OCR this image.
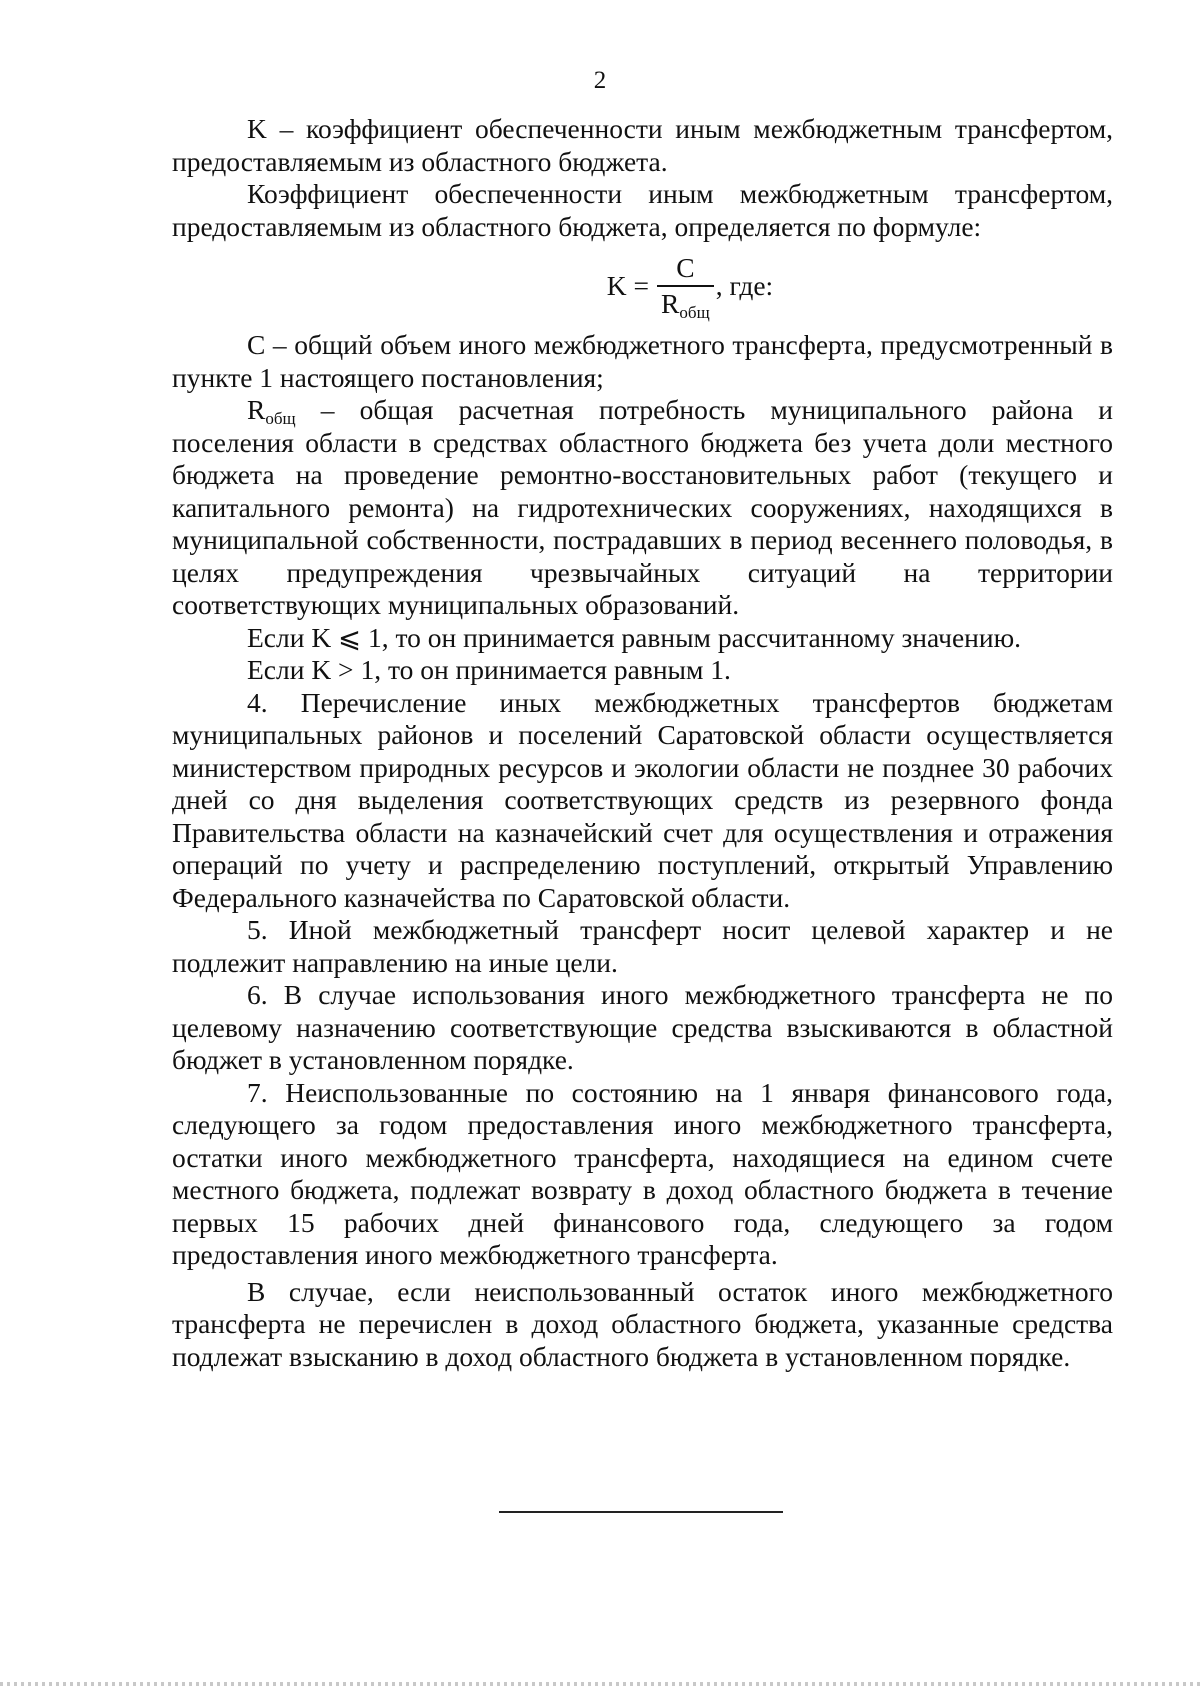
2

K – коэффициент обеспеченности иным межбюджетным трансфертом, предоставляемым из областного бюджета.

Коэффициент обеспеченности иным межбюджетным трансфертом, предоставляемым из областного бюджета, определяется по формуле:

$K = \frac{C}{R_{общ}}$ , где:

C – общий объем иного межбюджетного трансферта, предусмотренный в пункте 1 настоящего постановления;

$R_{общ}$ – общая расчетная потребность муниципального района и поселения области в средствах областного бюджета без учета доли местного бюджета на проведение ремонтно-восстановительных работ (текущего и капитального ремонта) на гидротехнических сооружениях, находящихся в муниципальной собственности, пострадавших в период весеннего половодья, в целях предупреждения чрезвычайных ситуаций на территории соответствующих муниципальных образований.

Если K ⩽ 1, то он принимается равным рассчитанному значению.

Если K > 1, то он принимается равным 1.

4. Перечисление иных межбюджетных трансфертов бюджетам муниципальных районов и поселений Саратовской области осуществляется министерством природных ресурсов и экологии области не позднее 30 рабочих дней со дня выделения соответствующих средств из резервного фонда Правительства области на казначейский счет для осуществления и отражения операций по учету и распределению поступлений, открытый Управлению Федерального казначейства по Саратовской области.

5. Иной межбюджетный трансферт носит целевой характер и не подлежит направлению на иные цели.

6. В случае использования иного межбюджетного трансферта не по целевому назначению соответствующие средства взыскиваются в областной бюджет в установленном порядке.

7. Неиспользованные по состоянию на 1 января финансового года, следующего за годом предоставления иного межбюджетного трансферта, остатки иного межбюджетного трансферта, находящиеся на едином счете местного бюджета, подлежат возврату в доход областного бюджета в течение первых 15 рабочих дней финансового года, следующего за годом предоставления иного межбюджетного трансферта.

В случае, если неиспользованный остаток иного межбюджетного трансферта не перечислен в доход областного бюджета, указанные средства подлежат взысканию в доход областного бюджета в установленном порядке.
